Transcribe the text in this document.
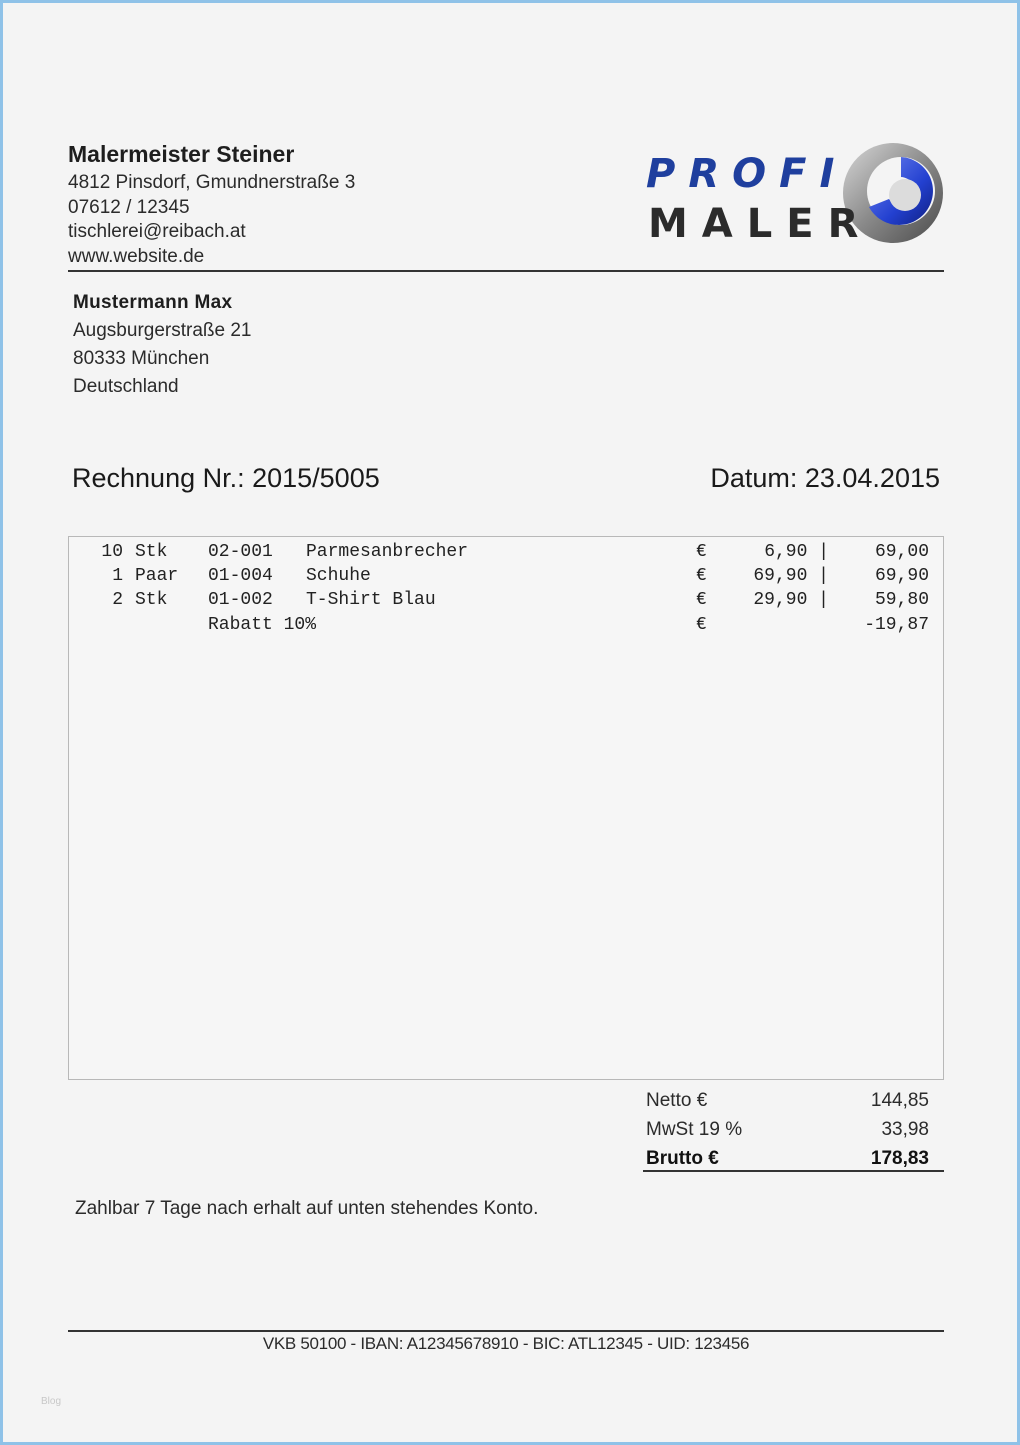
Malermeister Steiner
4812 Pinsdorf, Gmundnerstraße 3
07612 / 12345
tischlerei@reibach.at
www.website.de
PROFI
MALER
Mustermann Max
Augsburgerstraße 21
80333 München
Deutschland
Rechnung Nr.: 2015/5005	Datum: 23.04.2015
10 Stk 02-001 Parmesanbrecher	€	6,90 |	69,00
1 Paar 01-004 Schuhe	€	69,90 |	69,90
2 Stk 01-002 T-Shirt Blau	€	29,90 |	59,80
Rabatt 10%	€	-19,87
Netto €	144,85
MwSt 19 %	33,98
Brutto €	178,83
Zahlbar 7 Tage nach erhalt auf unten stehendes Konto.
VKB 50100 - IBAN: A12345678910 - BIC: ATL12345 - UID: 123456
Blog
